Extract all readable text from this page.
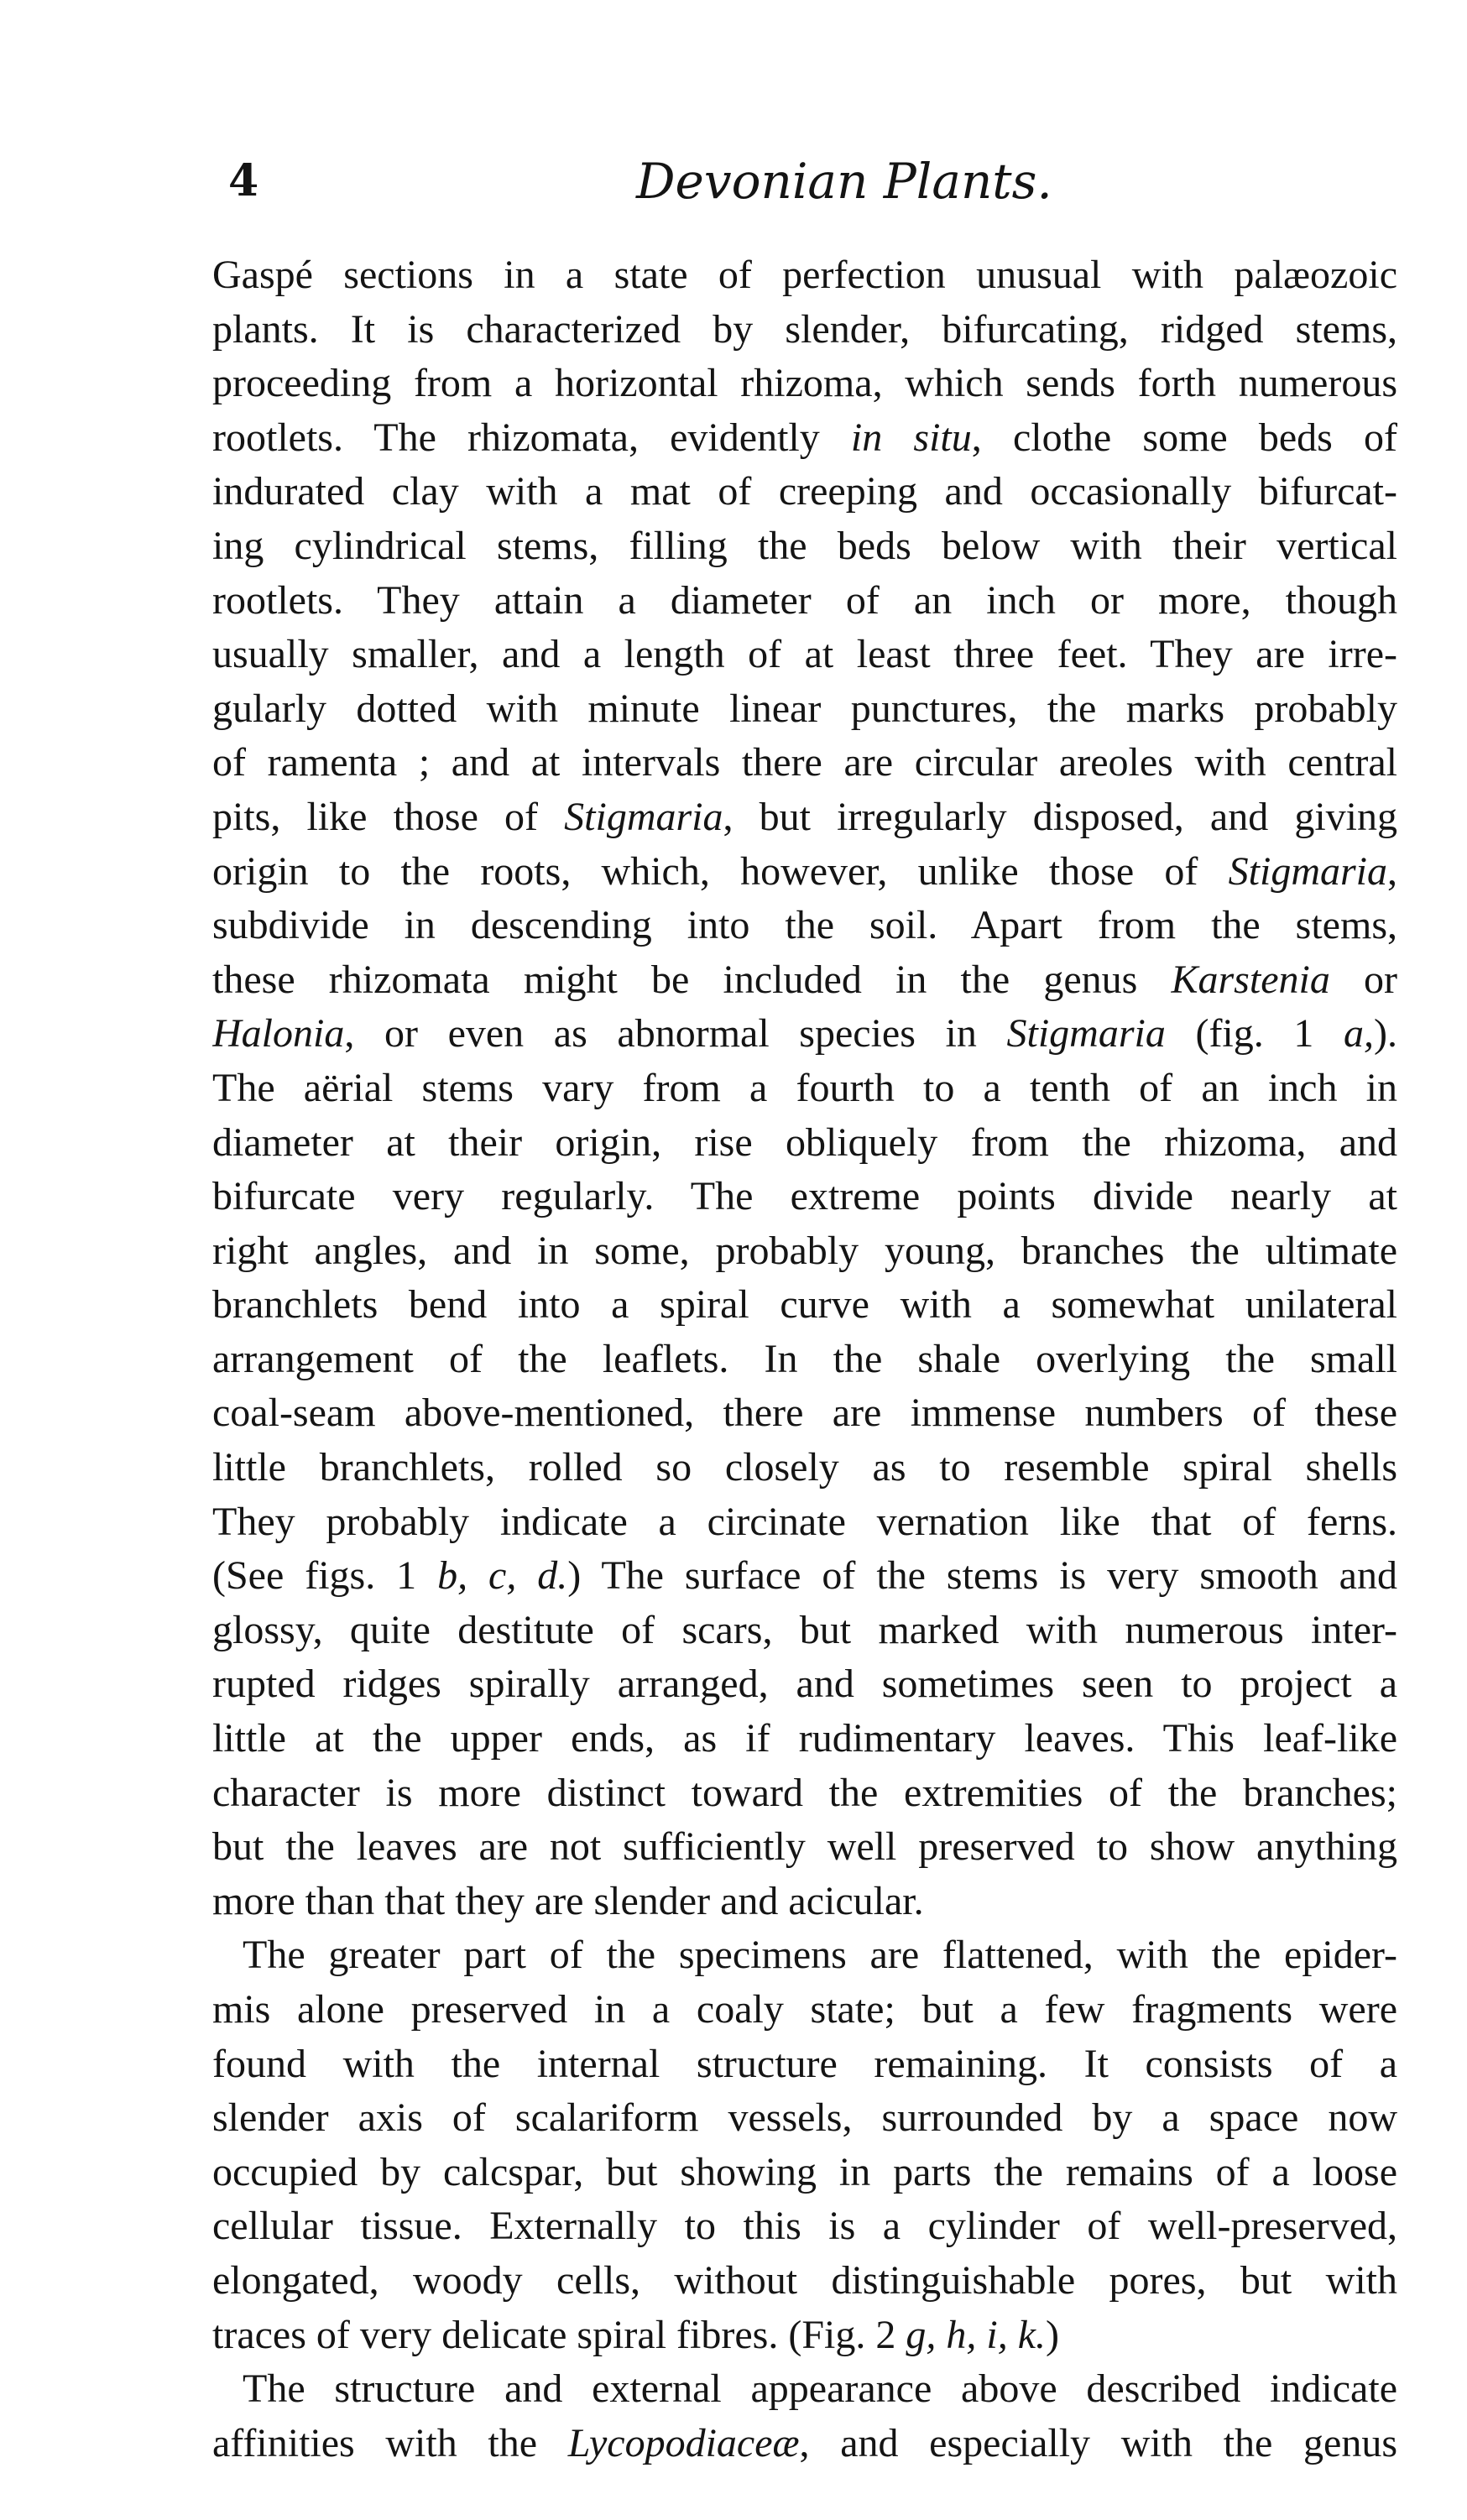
4	Devonian Plants.
Gaspé sections in a state of perfection unusual with palæozoic
plants. It is characterized by slender, bifurcating, ridged stems,
proceeding from a horizontal rhizoma, which sends forth numerous
rootlets. The rhizomata, evidently in situ, clothe some beds of
indurated clay with a mat of creeping and occasionally bifurcat-
ing cylindrical stems, filling the beds below with their vertical
rootlets. They attain a diameter of an inch or more, though
usually smaller, and a length of at least three feet. They are irre-
gularly dotted with minute linear punctures, the marks probably
of ramenta ; and at intervals there are circular areoles with central
pits, like those of Stigmaria, but irregularly disposed, and giving
origin to the roots, which, however, unlike those of Stigmaria,
subdivide in descending into the soil. Apart from the stems,
these rhizomata might be included in the genus Karstenia or
Halonia, or even as abnormal species in Stigmaria (fig. 1 a,).
The aërial stems vary from a fourth to a tenth of an inch in
diameter at their origin, rise obliquely from the rhizoma, and
bifurcate very regularly. The extreme points divide nearly at
right angles, and in some, probably young, branches the ultimate
branchlets bend into a spiral curve with a somewhat unilateral
arrangement of the leaflets. In the shale overlying the small
coal-seam above-mentioned, there are immense numbers of these
little branchlets, rolled so closely as to resemble spiral shells
They probably indicate a circinate vernation like that of ferns.
(See figs. 1 b, c, d.) The surface of the stems is very smooth and
glossy, quite destitute of scars, but marked with numerous inter-
rupted ridges spirally arranged, and sometimes seen to project a
little at the upper ends, as if rudimentary leaves. This leaf-like
character is more distinct toward the extremities of the branches;
but the leaves are not sufficiently well preserved to show anything
more than that they are slender and acicular.
The greater part of the specimens are flattened, with the epider-
mis alone preserved in a coaly state; but a few fragments were
found with the internal structure remaining. It consists of a
slender axis of scalariform vessels, surrounded by a space now
occupied by calcspar, but showing in parts the remains of a loose
cellular tissue. Externally to this is a cylinder of well-preserved,
elongated, woody cells, without distinguishable pores, but with
traces of very delicate spiral fibres. (Fig. 2 g, h, i, k.)
The structure and external appearance above described indicate
affinities with the Lycopodiaceæ, and especially with the genus
